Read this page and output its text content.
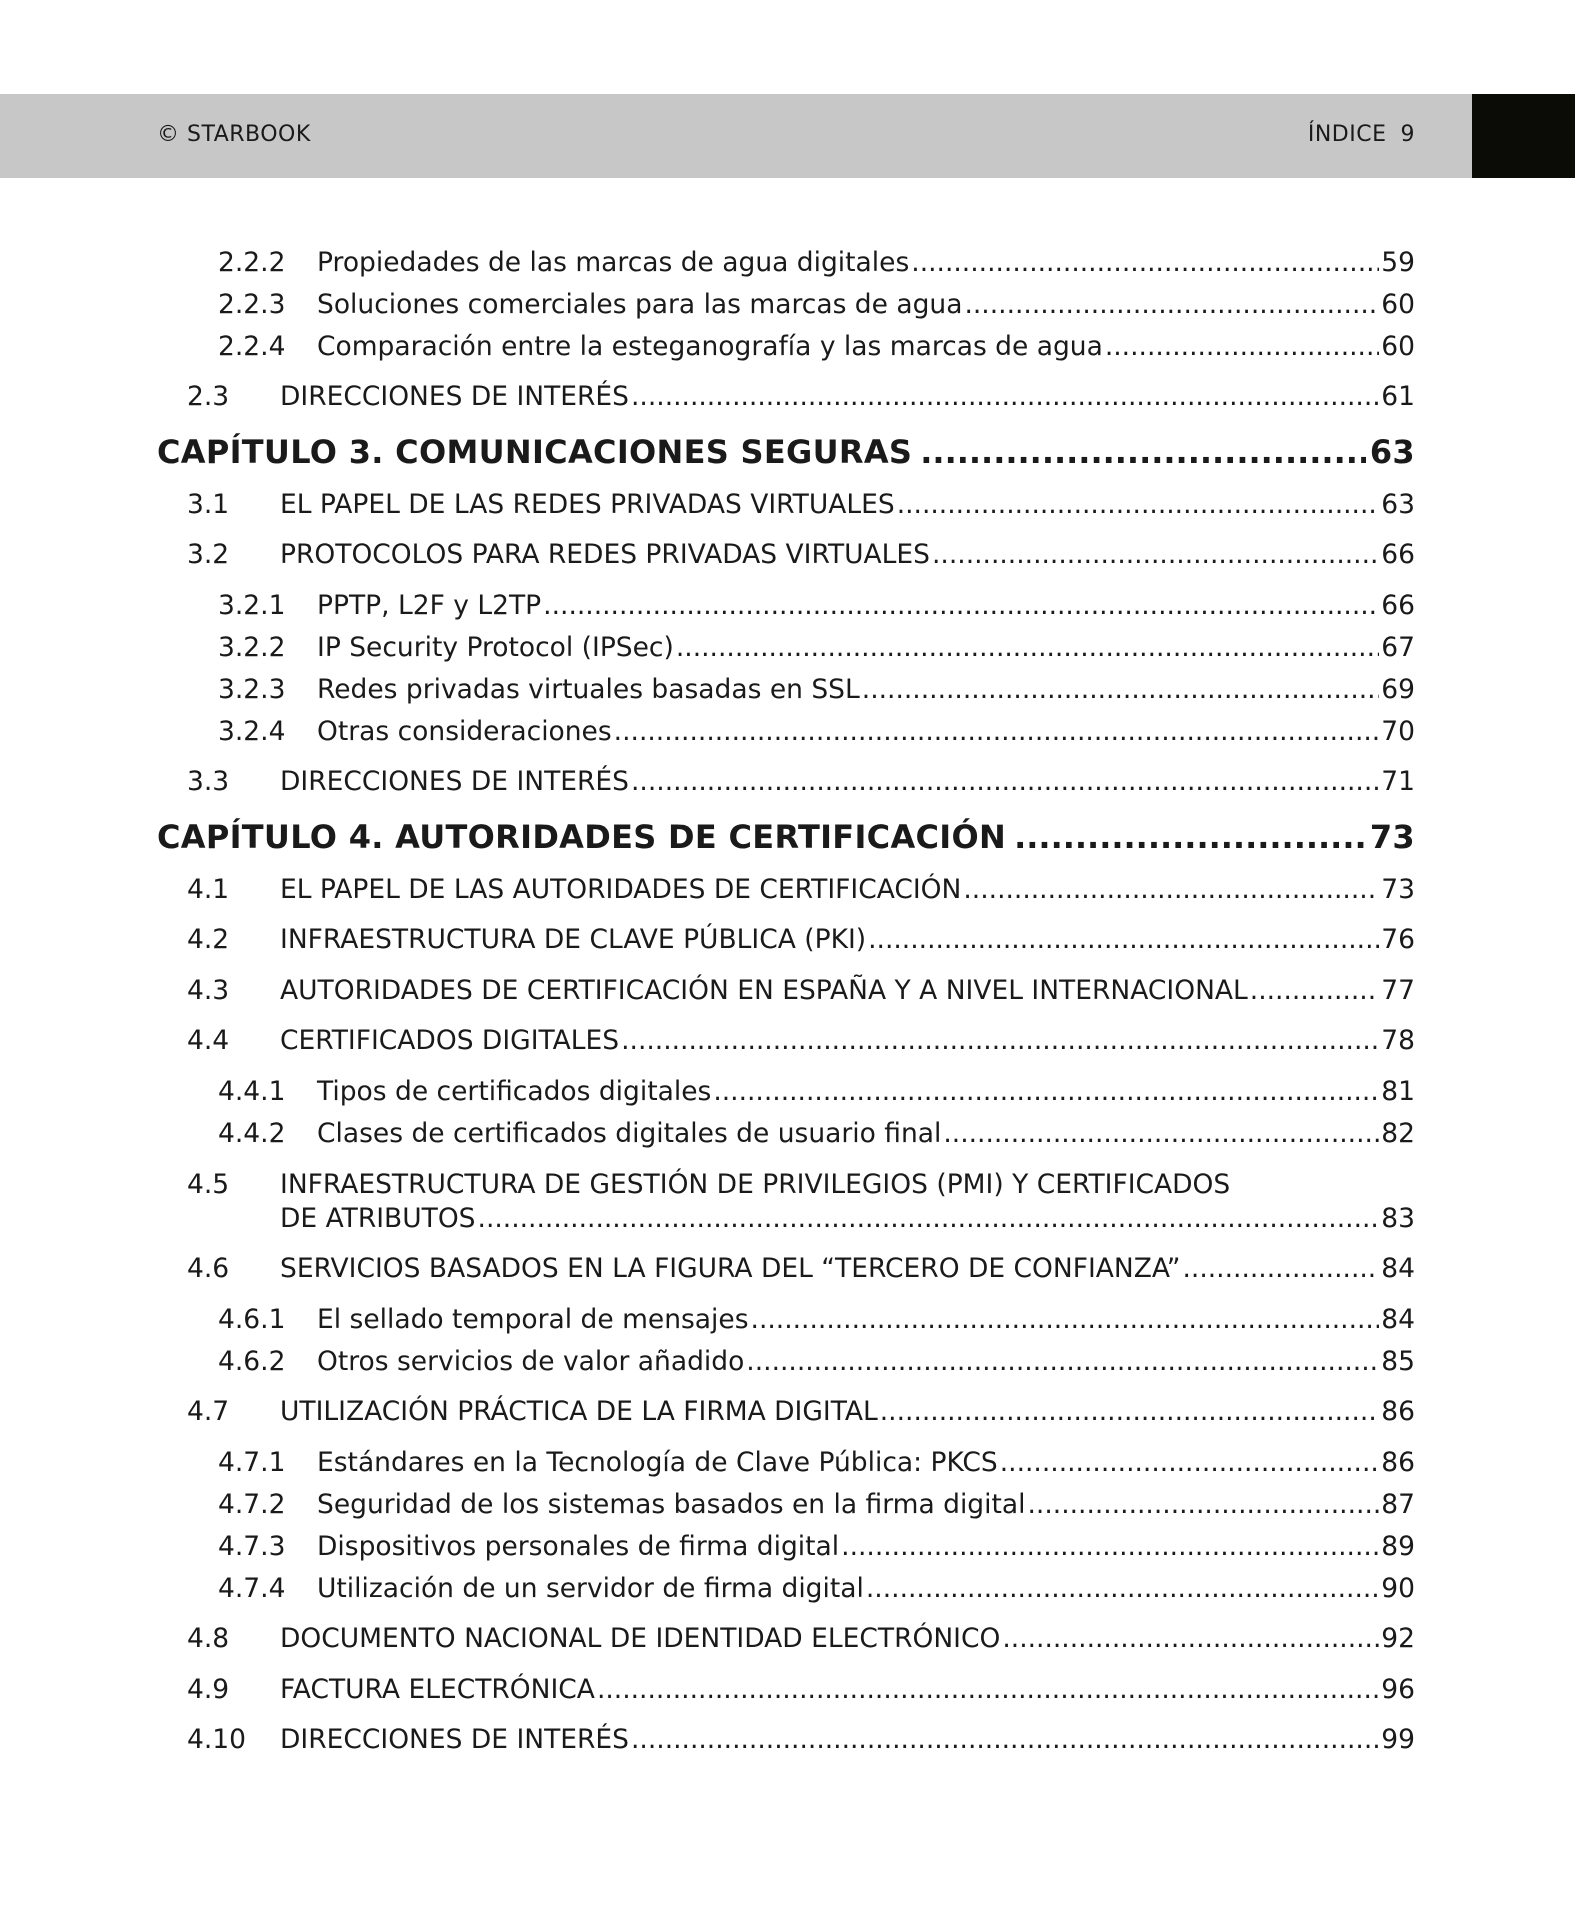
© STARBOOK	ÍNDICE 9
2.2.2	Propiedades de las marcas de agua digitales .....	59
2.2.3	Soluciones comerciales para las marcas de agua .....	60
2.2.4	Comparación entre la esteganografía y las marcas de agua .....	60
2.3	DIRECCIONES DE INTERÉS .....	61
CAPÍTULO 3. COMUNICACIONES SEGURAS .....	63
3.1	EL PAPEL DE LAS REDES PRIVADAS VIRTUALES .....	63
3.2	PROTOCOLOS PARA REDES PRIVADAS VIRTUALES .....	66
3.2.1	PPTP, L2F y L2TP .....	66
3.2.2	IP Security Protocol (IPSec) .....	67
3.2.3	Redes privadas virtuales basadas en SSL .....	69
3.2.4	Otras consideraciones .....	70
3.3	DIRECCIONES DE INTERÉS .....	71
CAPÍTULO 4. AUTORIDADES DE CERTIFICACIÓN .....	73
4.1	EL PAPEL DE LAS AUTORIDADES DE CERTIFICACIÓN .....	73
4.2	INFRAESTRUCTURA DE CLAVE PÚBLICA (PKI) .....	76
4.3	AUTORIDADES DE CERTIFICACIÓN EN ESPAÑA Y A NIVEL INTERNACIONAL .....	77
4.4	CERTIFICADOS DIGITALES .....	78
4.4.1	Tipos de certificados digitales .....	81
4.4.2	Clases de certificados digitales de usuario final .....	82
4.5	INFRAESTRUCTURA DE GESTIÓN DE PRIVILEGIOS (PMI) Y CERTIFICADOS
DE ATRIBUTOS .....	83
4.6	SERVICIOS BASADOS EN LA FIGURA DEL “TERCERO DE CONFIANZA” .....	84
4.6.1	El sellado temporal de mensajes .....	84
4.6.2	Otros servicios de valor añadido .....	85
4.7	UTILIZACIÓN PRÁCTICA DE LA FIRMA DIGITAL .....	86
4.7.1	Estándares en la Tecnología de Clave Pública: PKCS .....	86
4.7.2	Seguridad de los sistemas basados en la firma digital .....	87
4.7.3	Dispositivos personales de firma digital .....	89
4.7.4	Utilización de un servidor de firma digital .....	90
4.8	DOCUMENTO NACIONAL DE IDENTIDAD ELECTRÓNICO .....	92
4.9	FACTURA ELECTRÓNICA .....	96
4.10	DIRECCIONES DE INTERÉS .....	99
